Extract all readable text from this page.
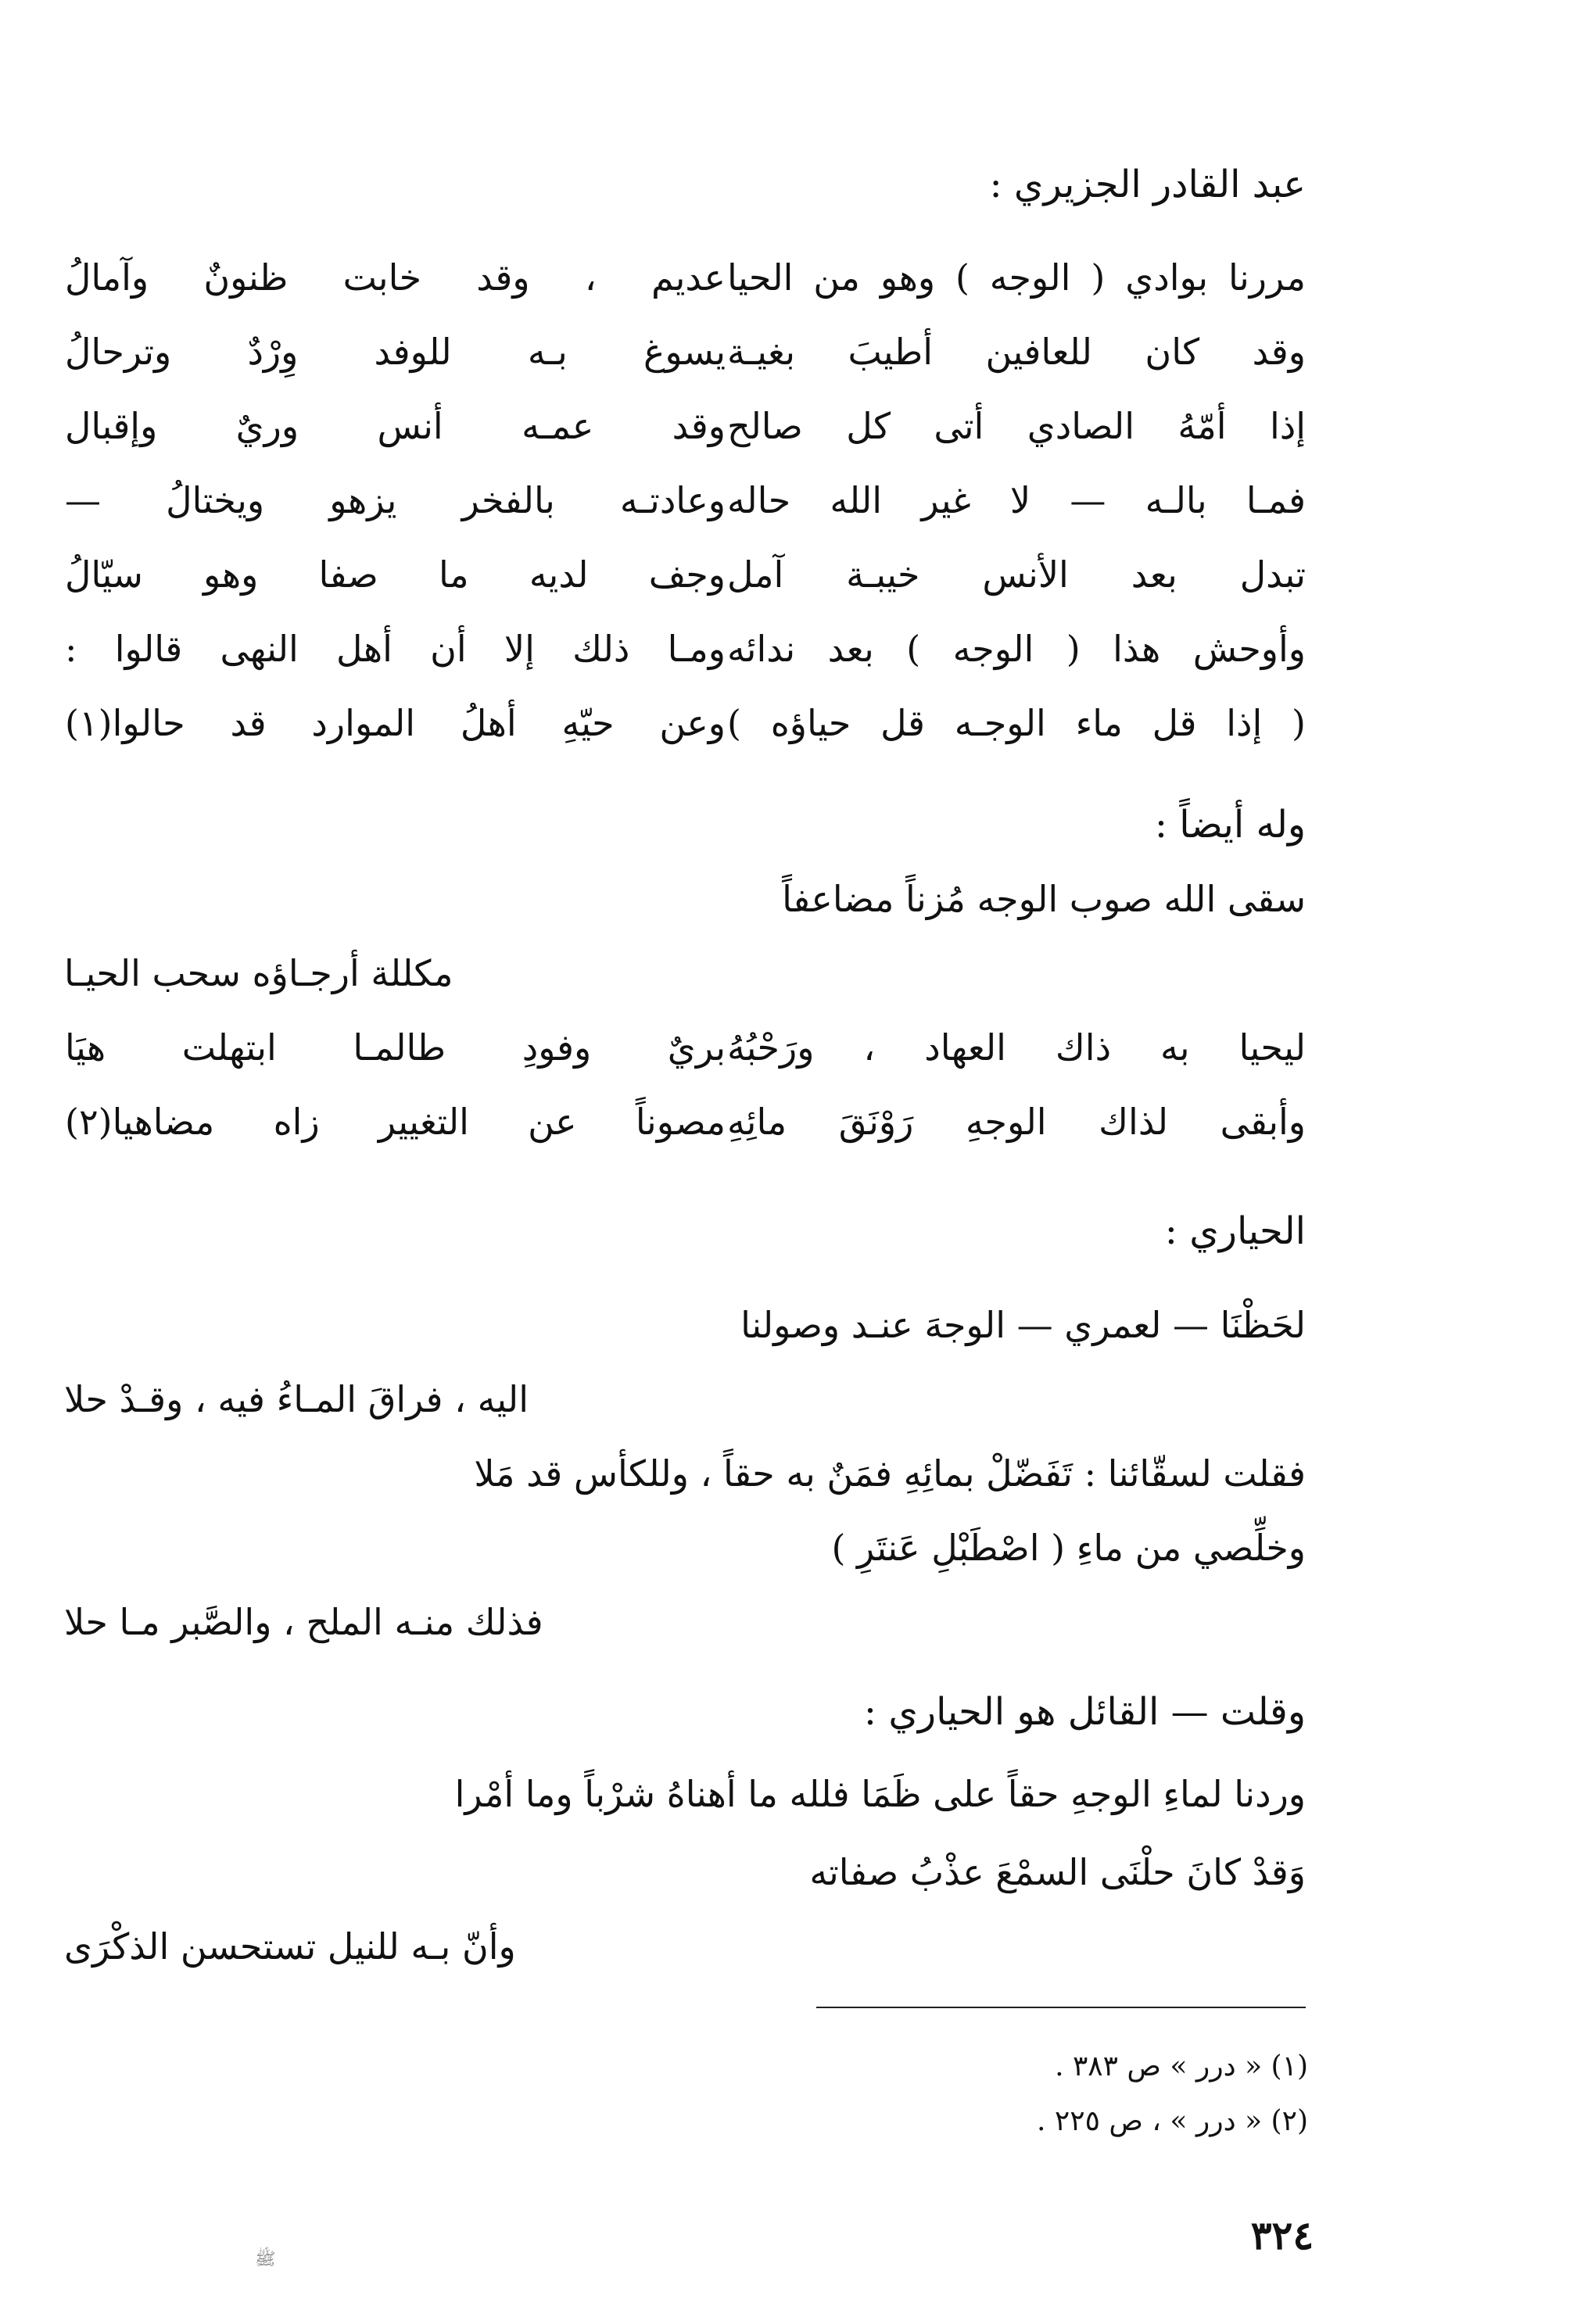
عبد القادر الجزيري :
مررنا بوادي ( الوجه ) وهو من الحيا
عديم ، وقد خابت ظنونٌ وآمالُ
وقد كان للعافين أطيبَ بغيـة
يسوغ بـه للوفد وِرْدٌ وترحالُ
إذا أمّهُ الصادي أتى كل صالح
وقد عمـه أنس وريٌ وإقبال
فمـا بالـه — لا غير الله حاله
وعادتـه بالفخر يزهو ويختالُ —
تبدل بعد الأنس خيبـة آمل
وجف لديه ما صفا وهو سيّالُ
وأوحش هذا ( الوجه ) بعد ندائه
ومـا ذلك إلا أن أهل النهى قالوا :
( إذا قل ماء الوجـه قل حياؤه )
وعن حيّهِ أهلُ الموارد قد حالوا(١)
وله أيضاً :
سقى الله صوب الوجه مُزناً مضاعفاً
مكللة أرجـاؤه سحب الحيـا
ليحيا به ذاك العهاد ، ورَحْبُهُ
بريٌ وفودِ طالمـا ابتهلت هيَا
وأبقى لذاك الوجهِ رَوْنَقَ مائِهِ
مصوناً عن التغيير زاه مضاهيا(٢)
الحياري :
لحَظْنَا — لعمري — الوجهَ عنـد وصولنا
اليه ، فراقَ المـاءُ فيه ، وقـدْ حلا
فقلت لسقّائنا : تَفَضّلْ بمائِهِ فمَنٌ به حقاً ، وللكأس قد مَلا
وخلِّصي من ماءِ ( اصْطَبْلِ عَنتَرِ )
فذلك منـه الملح ، والصَّبر مـا حلا
وقلت — القائل هو الحياري :
وردنا لماءِ الوجهِ حقاً على ظَمَا فلله ما أهناهُ شرْباً وما أمْرا
وَقدْ كانَ حلْنَى السمْعَ عذْبُ صفاته
وأنّ بـه للنيل تستحسن الذكْرَى
(١) « درر » ص ٣٨٣ .
(٢) « درر » ، ص ٢٢٥ .
٣٢٤
ﷺ
